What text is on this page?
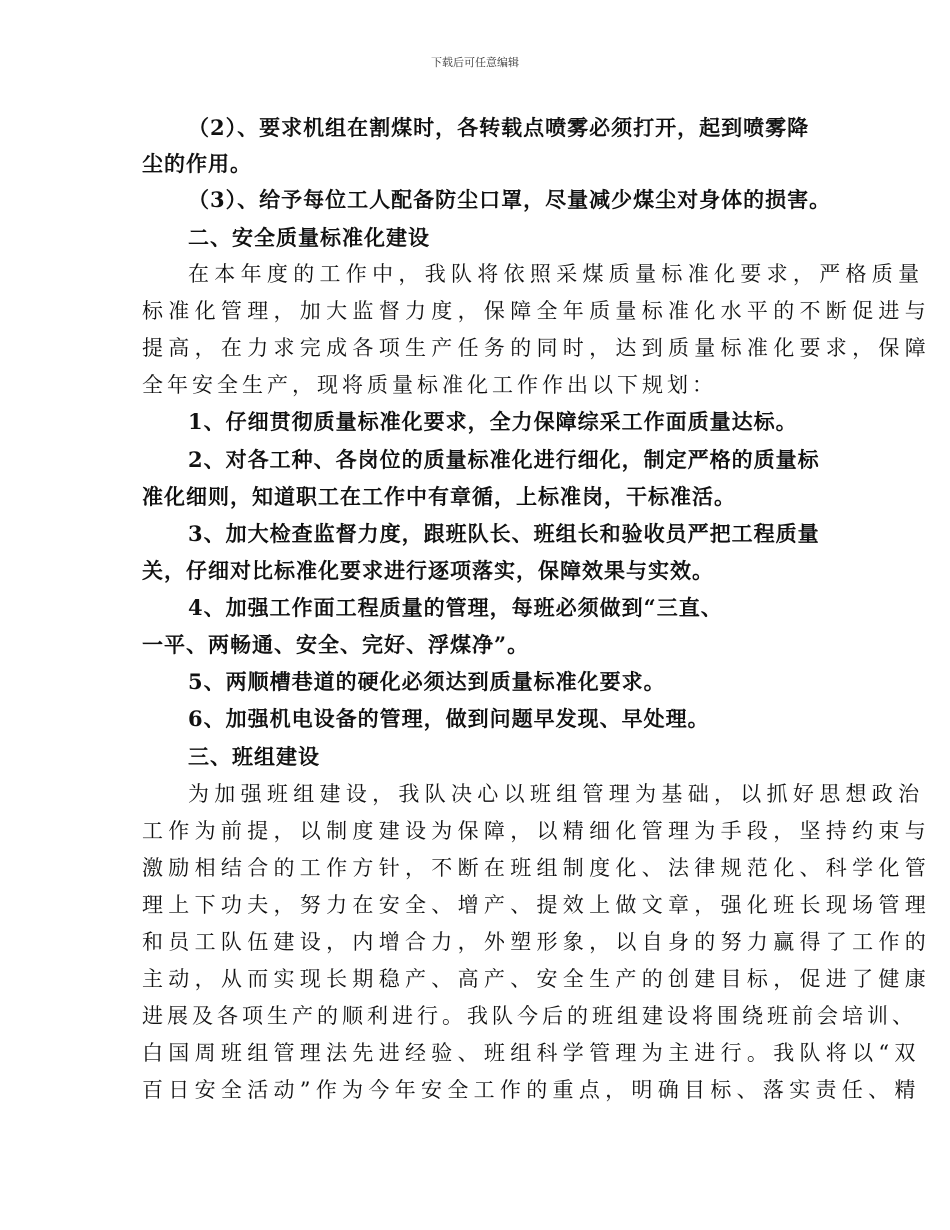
下载后可任意编辑
（2）、要求机组在割煤时，各转载点喷雾必须打开，起到喷雾降
尘的作用。
（3）、给予每位工人配备防尘口罩，尽量减少煤尘对身体的损害。
二、安全质量标准化建设
在本年度的工作中，我队将依照采煤质量标准化要求，严格质量
标准化管理，加大监督力度，保障全年质量标准化水平的不断促进与
提高，在力求完成各项生产任务的同时，达到质量标准化要求，保障
全年安全生产，现将质量标准化工作作出以下规划：
1、仔细贯彻质量标准化要求，全力保障综采工作面质量达标。
2、对各工种、各岗位的质量标准化进行细化，制定严格的质量标
准化细则，知道职工在工作中有章循，上标准岗，干标准活。
3、加大检查监督力度，跟班队长、班组长和验收员严把工程质量
关，仔细对比标准化要求进行逐项落实，保障效果与实效。
4、加强工作面工程质量的管理，每班必须做到“三直、
一平、两畅通、安全、完好、浮煤净”。
5、两顺槽巷道的硬化必须达到质量标准化要求。
6、加强机电设备的管理，做到问题早发现、早处理。
三、班组建设
为加强班组建设，我队决心以班组管理为基础，以抓好思想政治
工作为前提，以制度建设为保障，以精细化管理为手段，坚持约束与
激励相结合的工作方针，不断在班组制度化、法律规范化、科学化管
理上下功夫，努力在安全、增产、提效上做文章，强化班长现场管理
和员工队伍建设，内增合力，外塑形象，以自身的努力赢得了工作的
主动，从而实现长期稳产、高产、安全生产的创建目标，促进了健康
进展及各项生产的顺利进行。我队今后的班组建设将围绕班前会培训、
白国周班组管理法先进经验、班组科学管理为主进行。我队将以“双
百日安全活动”作为今年安全工作的重点，明确目标、落实责任、精
